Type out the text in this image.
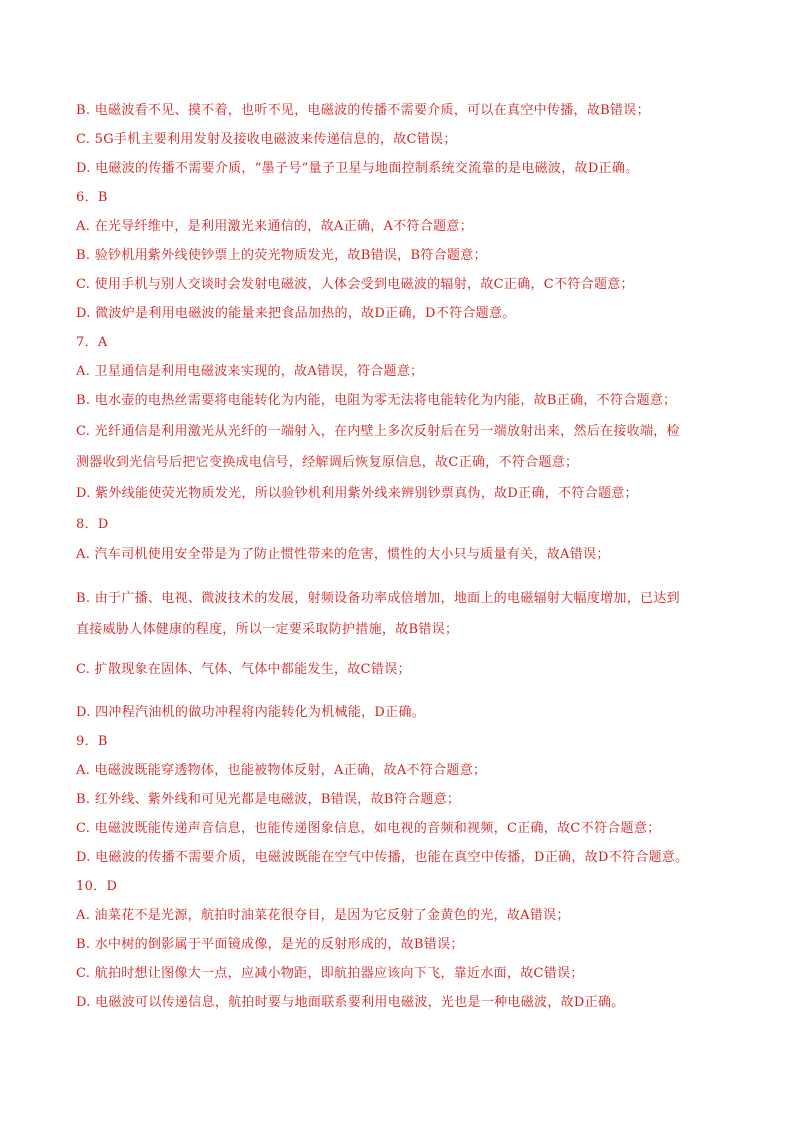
B. 电磁波看不见、摸不着，也听不见，电磁波的传播不需要介质，可以在真空中传播，故B错误；
C. 5G手机主要利用发射及接收电磁波来传递信息的，故C错误；
D. 电磁波的传播不需要介质，“墨子号”量子卫星与地面控制系统交流靠的是电磁波，故D正确。
6．B
A. 在光导纤维中，是利用激光来通信的，故A正确，A不符合题意；
B. 验钞机用紫外线使钞票上的荧光物质发光，故B错误，B符合题意；
C. 使用手机与别人交谈时会发射电磁波，人体会受到电磁波的辐射，故C正确，C不符合题意；
D. 微波炉是利用电磁波的能量来把食品加热的，故D正确，D不符合题意。
7．A
A. 卫星通信是利用电磁波来实现的，故A错误，符合题意；
B. 电水壶的电热丝需要将电能转化为内能，电阻为零无法将电能转化为内能，故B正确，不符合题意；
C. 光纤通信是利用激光从光纤的一端射入，在内壁上多次反射后在另一端放射出来，然后在接收端，检
测器收到光信号后把它变换成电信号，经解调后恢复原信息，故C正确，不符合题意；
D. 紫外线能使荧光物质发光，所以验钞机利用紫外线来辨别钞票真伪，故D正确，不符合题意；
8．D
A. 汽车司机使用安全带是为了防止惯性带来的危害，惯性的大小只与质量有关，故A错误；
B. 由于广播、电视、微波技术的发展，射频设备功率成倍增加，地面上的电磁辐射大幅度增加，已达到
直接威胁人体健康的程度，所以一定要采取防护措施，故B错误；
C. 扩散现象在固体、气体、气体中都能发生，故C错误；
D. 四冲程汽油机的做功冲程将内能转化为机械能，D正确。
9．B
A. 电磁波既能穿透物体，也能被物体反射，A正确，故A不符合题意；
B. 红外线、紫外线和可见光都是电磁波，B错误，故B符合题意；
C. 电磁波既能传递声音信息，也能传递图象信息，如电视的音频和视频，C正确，故C不符合题意；
D. 电磁波的传播不需要介质，电磁波既能在空气中传播，也能在真空中传播，D正确，故D不符合题意。
10．D
A. 油菜花不是光源，航拍时油菜花很夺目，是因为它反射了金黄色的光，故A错误；
B. 水中树的倒影属于平面镜成像，是光的反射形成的，故B错误；
C. 航拍时想让图像大一点，应减小物距，即航拍器应该向下飞，靠近水面，故C错误；
D. 电磁波可以传递信息，航拍时要与地面联系要利用电磁波，光也是一种电磁波，故D正确。
